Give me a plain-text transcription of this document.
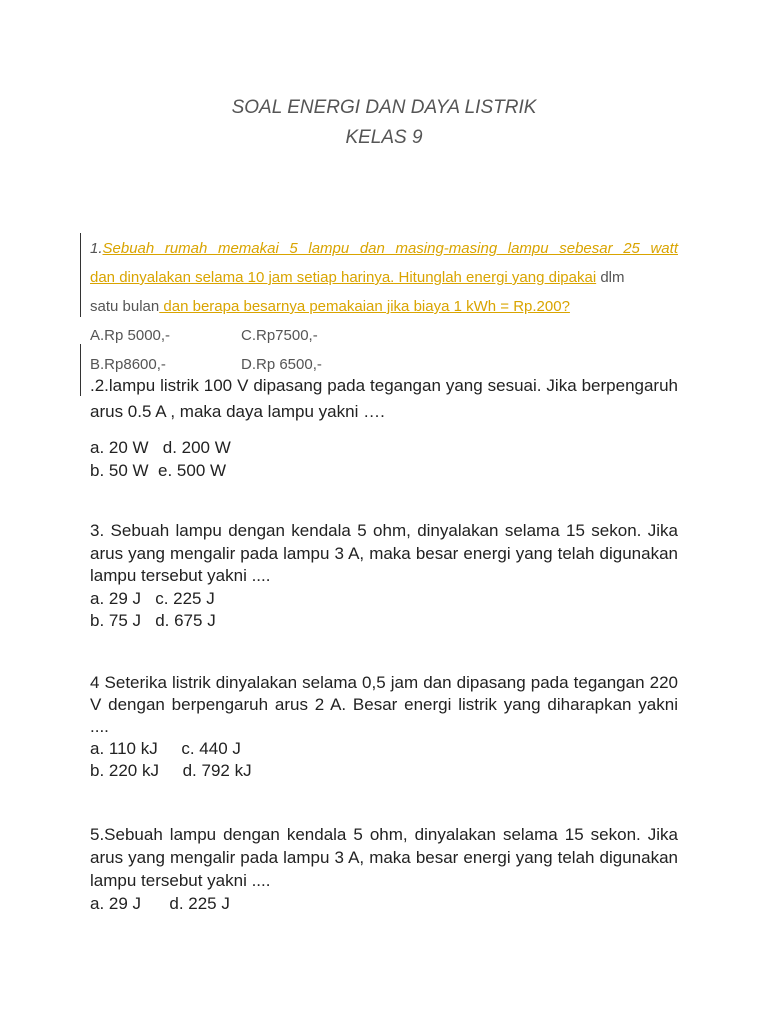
SOAL ENERGI DAN DAYA LISTRIK
KELAS 9
1.Sebuah rumah memakai 5 lampu dan masing-masing lampu sebesar 25 watt
dan dinyalakan selama 10 jam setiap harinya. Hitunglah energi yang dipakai dlm
satu bulan dan berapa besarnya pemakaian jika biaya 1 kWh = Rp.200?
A.Rp 5000,-	C.Rp7500,-
B.Rp8600,-	D.Rp 6500,-

.2.lampu listrik 100 V dipasang pada tegangan yang sesuai. Jika berpengaruh arus 0.5 A , maka daya lampu yakni ….

a. 20 W   d. 200 W
b. 50 W  e. 500 W

3. Sebuah lampu dengan kendala 5 ohm, dinyalakan selama 15 sekon. Jika arus yang mengalir pada lampu 3 A, maka besar energi yang telah digunakan lampu tersebut yakni ....

a. 29 J   c. 225 J
b. 75 J   d. 675 J

4 Seterika listrik dinyalakan selama 0,5 jam dan dipasang pada tegangan 220 V dengan berpengaruh arus 2 A. Besar energi listrik yang diharapkan yakni ....

a. 110 kJ     c. 440 J
b. 220 kJ     d. 792 kJ

5.Sebuah lampu dengan kendala 5 ohm, dinyalakan selama 15 sekon. Jika arus yang mengalir pada lampu 3 A, maka besar energi yang telah digunakan lampu tersebut yakni ....

a. 29 J      d. 225 J
